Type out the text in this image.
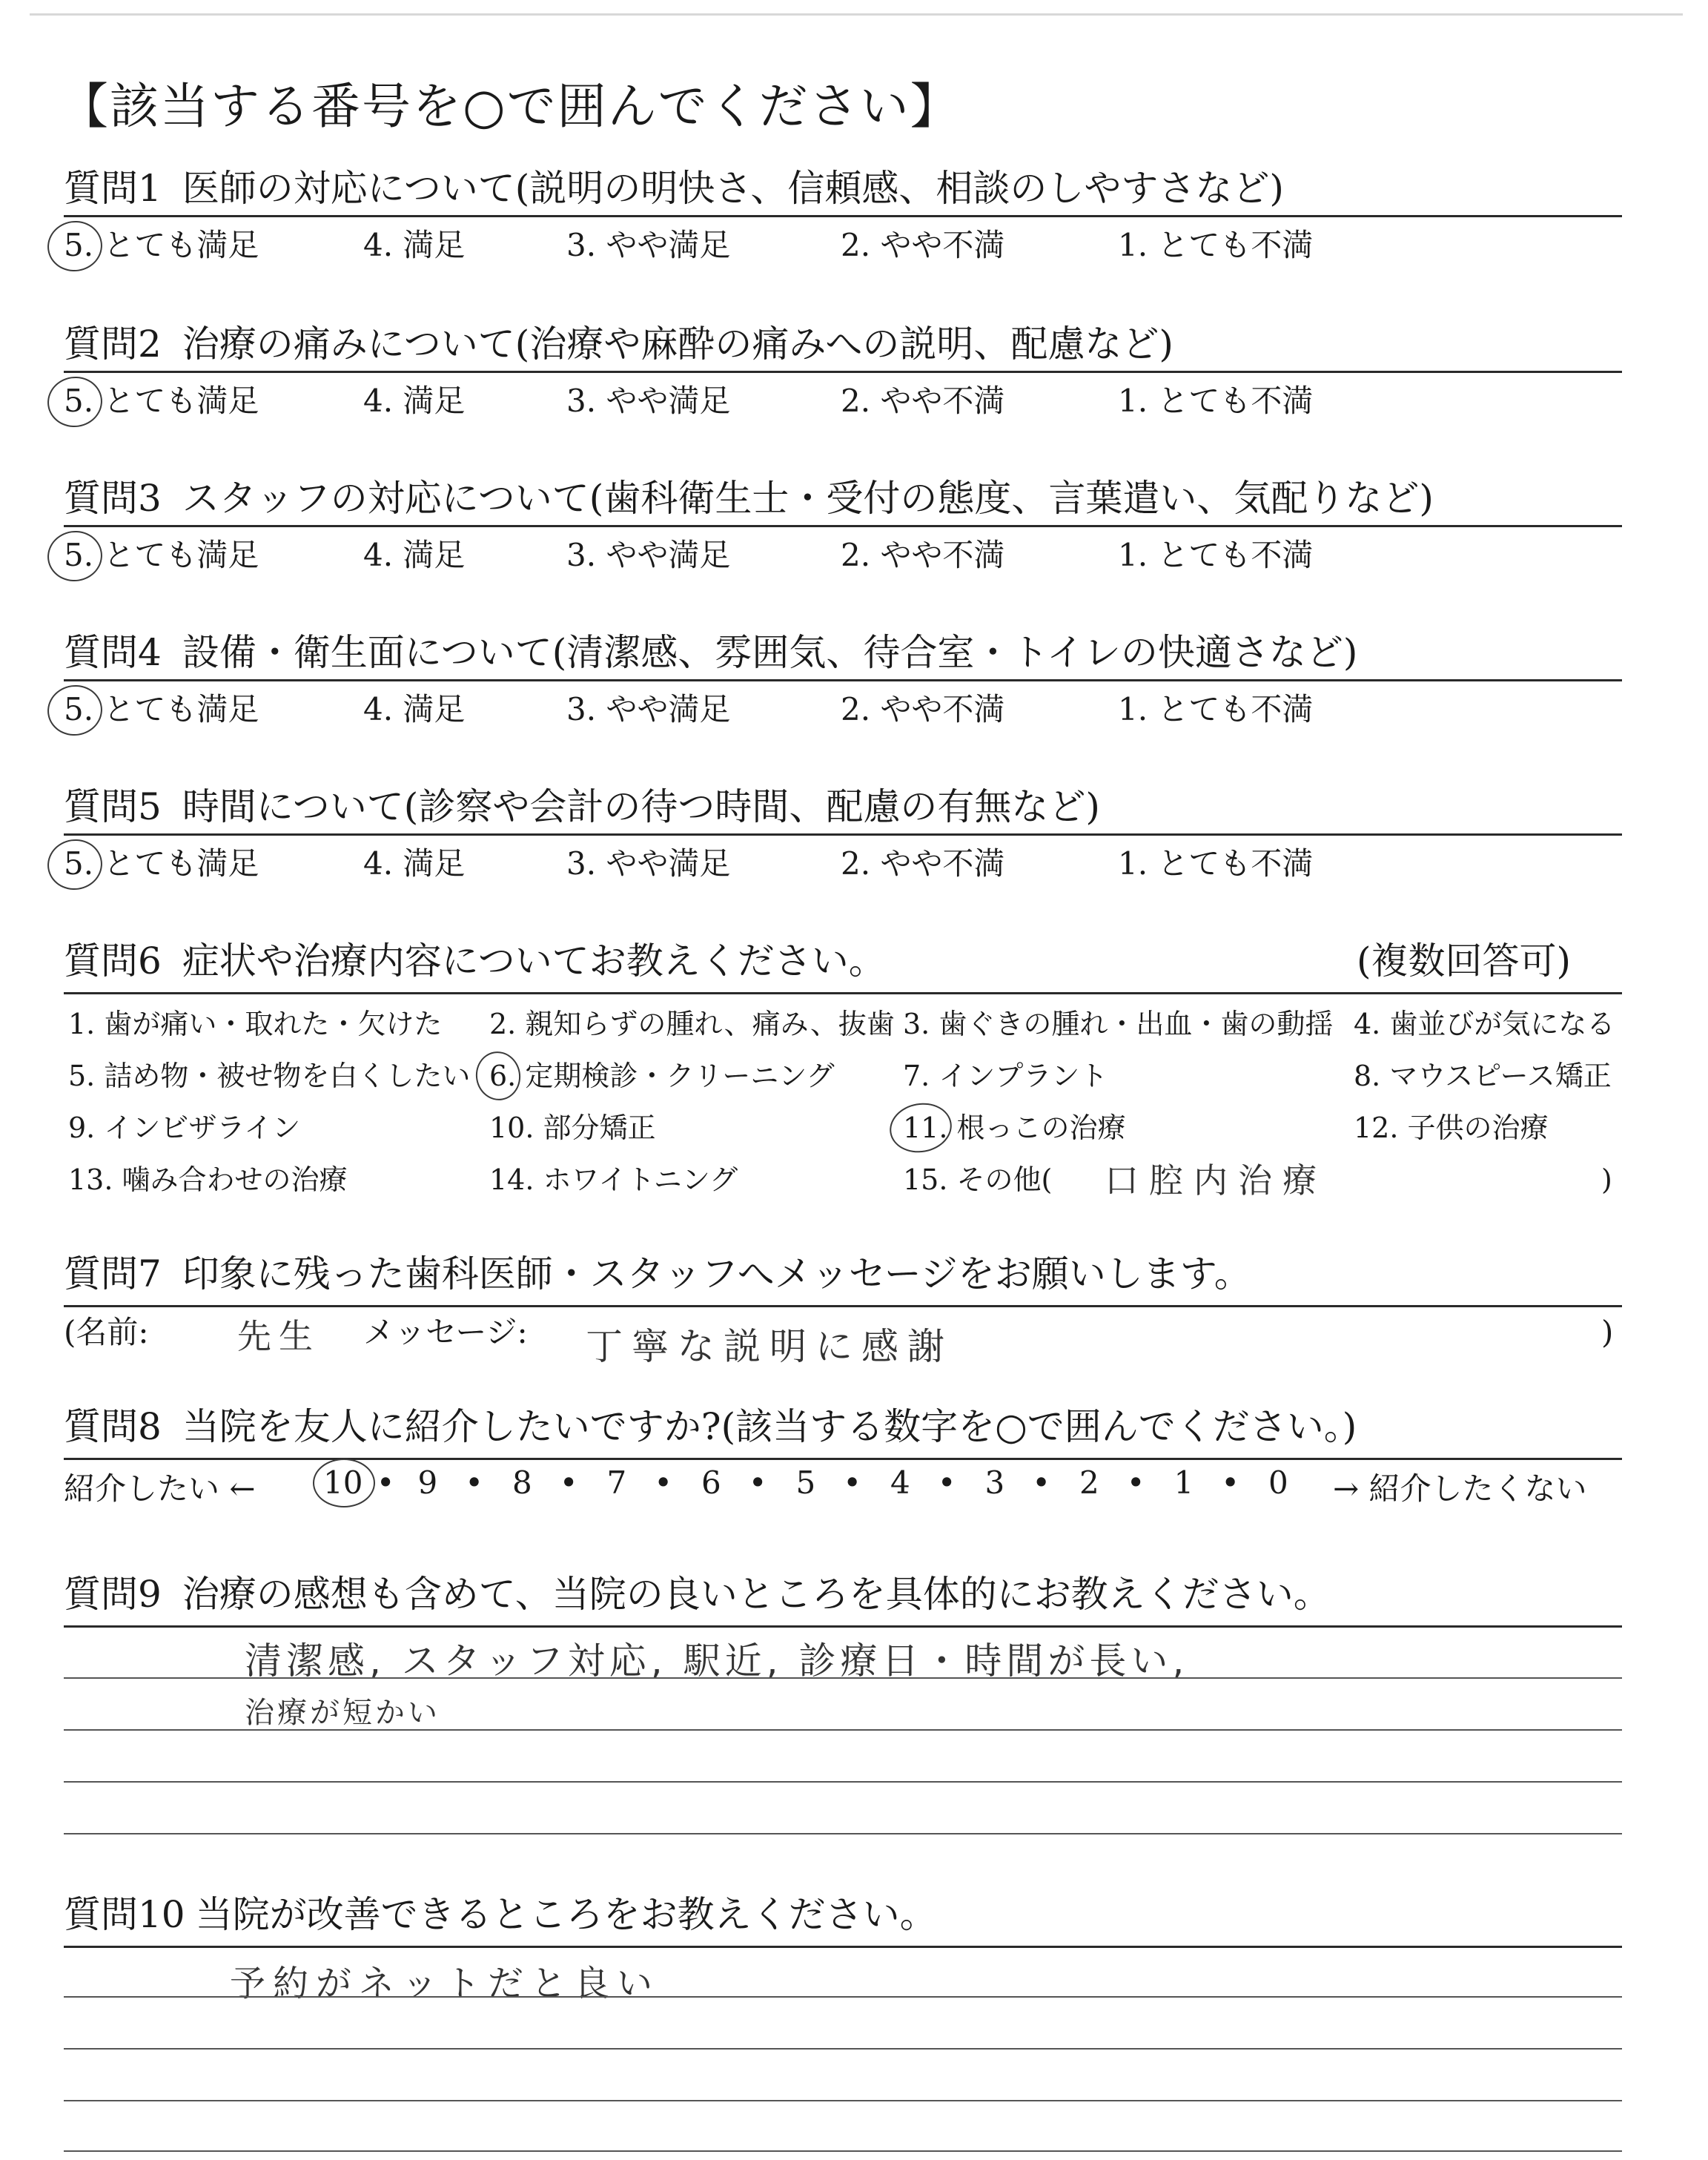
【該当する番号を○で囲んでください】
質問1 医師の対応について(説明の明快さ、信頼感、相談のしやすさなど)
5. とても満足	4. 満足	3. やや満足	2. やや不満	1. とても不満
質問2 治療の痛みについて(治療や麻酔の痛みへの説明、配慮など)
5. とても満足	4. 満足	3. やや満足	2. やや不満	1. とても不満
質問3 スタッフの対応について(歯科衛生士・受付の態度、言葉遣い、気配りなど)
5. とても満足	4. 満足	3. やや満足	2. やや不満	1. とても不満
質問4 設備・衛生面について(清潔感、雰囲気、待合室・トイレの快適さなど)
5. とても満足	4. 満足	3. やや満足	2. やや不満	1. とても不満
質問5 時間について(診察や会計の待つ時間、配慮の有無など)
5. とても満足	4. 満足	3. やや満足	2. やや不満	1. とても不満
質問6 症状や治療内容についてお教えください。	(複数回答可)
1. 歯が痛い・取れた・欠けた 2. 親知らずの腫れ、痛み、抜歯 3. 歯ぐきの腫れ・出血・歯の動揺 4. 歯並びが気になる
5. 詰め物・被せ物を白くしたい 6. 定期検診・クリーニング 7. インプラント	8. マウスピース矯正
9. インビザライン	10. 部分矯正	11. 根っこの治療	12. 子供の治療
13. 噛み合わせの治療	14. ホワイトニング	15. その他(	)
口腔内治療
質問7 印象に残った歯科医師・スタッフへメッセージをお願いします。
(名前:	先生 メッセージ: 丁寧な説明に感謝	)
質問8 当院を友人に紹介したいですか?(該当する数字を○で囲んでください。)
紹介したい ←	→ 紹介したくない
10 • 9 • 8 • 7 • 6 • 5 • 4 • 3 • 2 • 1 • 0
質問9 治療の感想も含めて、当院の良いところを具体的にお教えください。
清潔感, スタッフ対応, 駅近, 診療日・時間が長い,
治療が短かい
質問10 当院が改善できるところをお教えください。
予約がネットだと良い
